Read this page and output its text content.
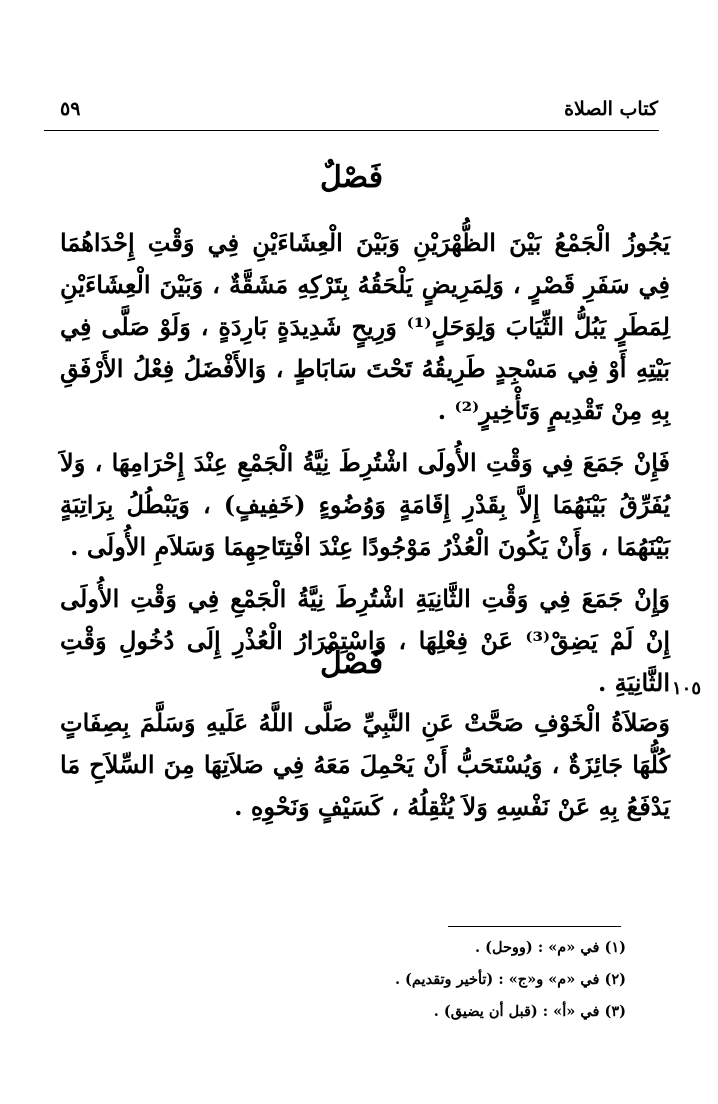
كتاب الصلاة
٥٩
فَصْلٌ

يَجُوزُ الْجَمْعُ بَيْنَ الظُّهْرَيْنِ وَبَيْنَ الْعِشَاءَيْنِ فِي وَقْتِ إِحْدَاهُمَا فِي سَفَرِ قَصْرٍ ، وَلِمَرِيضٍ يَلْحَقُهُ بِتَرْكِهِ مَشَقَّةٌ ، وَبَيْنَ الْعِشَاءَيْنِ لِمَطَرٍ يَبُلُّ الثِّيَابَ وَلِوَحَلٍ⁽¹⁾ وَرِيحٍ شَدِيدَةٍ بَارِدَةٍ ، وَلَوْ صَلَّى فِي بَيْتِهِ أَوْ فِي مَسْجِدٍ طَرِيقُهُ تَحْتَ سَابَاطٍ ، وَالأَفْضَلُ فِعْلُ الأَرْفَقِ بِهِ مِنْ تَقْدِيمٍ وَتَأْخِيرٍ⁽²⁾ .

فَإِنْ جَمَعَ فِي وَقْتِ الأُولَى اشْتُرِطَ نِيَّةُ الْجَمْعِ عِنْدَ إِحْرَامِهَا ، وَلاَ يُفَرِّقُ بَيْنَهُمَا إِلاَّ بِقَدْرِ إِقَامَةٍ وَوُضُوءٍ (خَفِيفٍ) ، وَيَبْطُلُ بِرَاتِبَةٍ بَيْنَهُمَا ، وَأَنْ يَكُونَ الْعُذْرُ مَوْجُودًا عِنْدَ افْتِتَاحِهِمَا وَسَلاَمِ الأُولَى .

وَإِنْ جَمَعَ فِي وَقْتِ الثَّانِيَةِ اشْتُرِطَ نِيَّةُ الْجَمْعِ فِي وَقْتِ الأُولَى إِنْ لَمْ يَضِقْ⁽³⁾ عَنْ فِعْلِهَا ، وَاسْتِمْرَارُ الْعُذْرِ إِلَى دُخُولِ وَقْتِ الثَّانِيَةِ . ١٠٥
فَصْلٌ

وَصَلاَةُ الْخَوْفِ صَحَّتْ عَنِ النَّبِيِّ صَلَّى اللَّهُ عَلَيهِ وَسَلَّمَ بِصِفَاتٍ كُلُّهَا جَائِزَةٌ ، وَيُسْتَحَبُّ أَنْ يَحْمِلَ مَعَهُ فِي صَلاَتِهَا مِنَ السِّلاَحِ مَا يَدْفَعُ بِهِ عَنْ نَفْسِهِ وَلاَ يُثْقِلُهُ ، كَسَيْفٍ وَنَحْوِهِ .

(١) في «م» : (ووحل) .
(٢) في «م» و«ج» : (تأخير وتقديم) .
(٣) في «أ» : (قبل أن يضيق) .
